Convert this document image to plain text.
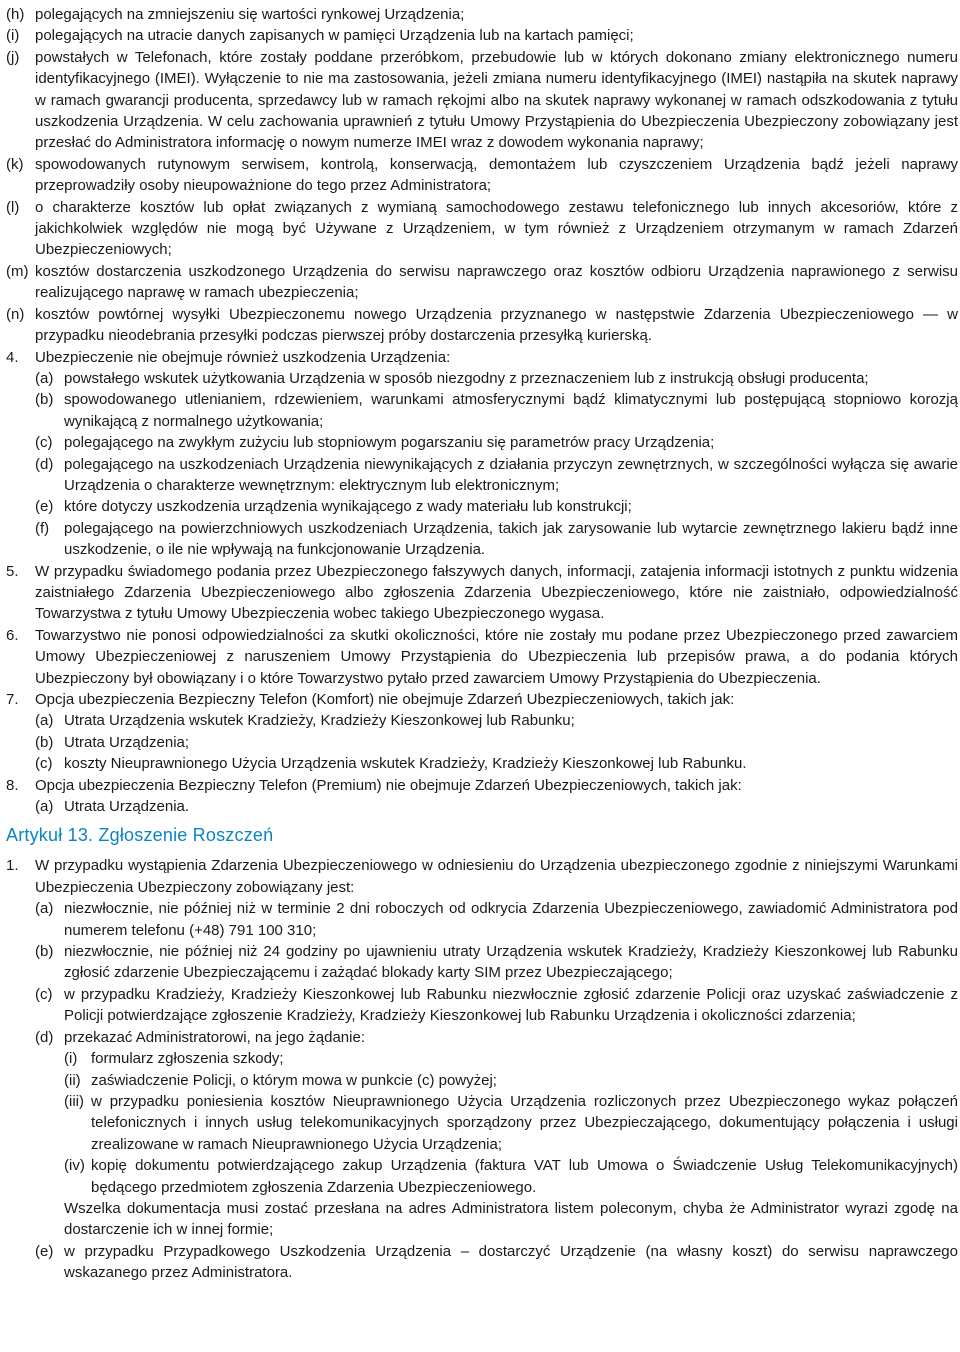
(h) polegających na zmniejszeniu się wartości rynkowej Urządzenia;
(i)	polegających na utracie danych zapisanych w pamięci Urządzenia lub na kartach pamięci;
(j)	powstałych w Telefonach, które zostały poddane przeróbkom, przebudowie lub w których dokonano zmiany elektronicznego numeru identyfikacyjnego (IMEI). Wyłączenie to nie ma zastosowania, jeżeli zmiana numeru identyfikacyjnego (IMEI) nastąpiła na skutek naprawy w ramach gwarancji producenta, sprzedawcy lub w ramach rękojmi albo na skutek naprawy wykonanej w ramach odszkodowania z tytułu uszkodzenia Urządzenia. W celu zachowania uprawnień z tytułu Umowy Przystąpienia do Ubezpieczenia Ubezpieczony zobowiązany jest przesłać do Administratora informację o nowym numerze IMEI wraz z dowodem wykonania naprawy;
(k) spowodowanych rutynowym serwisem, kontrolą, konserwacją, demontażem lub czyszczeniem Urządzenia bądź jeżeli naprawy przeprowadziły osoby nieupoważnione do tego przez Administratora;
(l)	o charakterze kosztów lub opłat związanych z wymianą samochodowego zestawu telefonicznego lub innych akcesoriów, które z jakichkolwiek względów nie mogą być Używane z Urządzeniem, w tym również z Urządzeniem otrzymanym w ramach Zdarzeń Ubezpieczeniowych;
(m) kosztów dostarczenia uszkodzonego Urządzenia do serwisu naprawczego oraz kosztów odbioru Urządzenia naprawionego z serwisu realizującego naprawę w ramach ubezpieczenia;
(n) kosztów powtórnej wysyłki Ubezpieczonemu nowego Urządzenia przyznanego w następstwie Zdarzenia Ubezpieczeniowego — w przypadku nieodebrania przesyłki podczas pierwszej próby dostarczenia przesyłką kurierską.
4.	Ubezpieczenie nie obejmuje również uszkodzenia Urządzenia:
(a) powstałego wskutek użytkowania Urządzenia w sposób niezgodny z przeznaczeniem lub z instrukcją obsługi producenta;
(b) spowodowanego utlenianiem, rdzewieniem, warunkami atmosferycznymi bądź klimatycznymi lub postępującą stopniowo korozją wynikającą z normalnego użytkowania;
(c) polegającego na zwykłym zużyciu lub stopniowym pogarszaniu się parametrów pracy Urządzenia;
(d) polegającego na uszkodzeniach Urządzenia niewynikających z działania przyczyn zewnętrznych, w szczególności wyłącza się awarie Urządzenia o charakterze wewnętrznym: elektrycznym lub elektronicznym;
(e) które dotyczy uszkodzenia urządzenia wynikającego z wady materiału lub konstrukcji;
(f) polegającego na powierzchniowych uszkodzeniach Urządzenia, takich jak zarysowanie lub wytarcie zewnętrznego lakieru bądź inne uszkodzenie, o ile nie wpływają na funkcjonowanie Urządzenia.
5.	W przypadku świadomego podania przez Ubezpieczonego fałszywych danych, informacji, zatajenia informacji istotnych z punktu widzenia zaistniałego Zdarzenia Ubezpieczeniowego albo zgłoszenia Zdarzenia Ubezpieczeniowego, które nie zaistniało, odpowiedzialność Towarzystwa z tytułu Umowy Ubezpieczenia wobec takiego Ubezpieczonego wygasa.
6.	Towarzystwo nie ponosi odpowiedzialności za skutki okoliczności, które nie zostały mu podane przez Ubezpieczonego przed zawarciem Umowy Ubezpieczeniowej z naruszeniem Umowy Przystąpienia do Ubezpieczenia lub przepisów prawa, a do podania których Ubezpieczony był obowiązany i o które Towarzystwo pytało przed zawarciem Umowy Przystąpienia do Ubezpieczenia.
7.	Opcja ubezpieczenia Bezpieczny Telefon (Komfort) nie obejmuje Zdarzeń Ubezpieczeniowych, takich jak:
(a) Utrata Urządzenia wskutek Kradzieży, Kradzieży Kieszonkowej lub Rabunku;
(b) Utrata Urządzenia;
(c) koszty Nieuprawnionego Użycia Urządzenia wskutek Kradzieży, Kradzieży Kieszonkowej lub Rabunku.
8.	Opcja ubezpieczenia Bezpieczny Telefon (Premium) nie obejmuje Zdarzeń Ubezpieczeniowych, takich jak:
(a) Utrata Urządzenia.
Artykuł 13. Zgłoszenie Roszczeń
1.	W przypadku wystąpienia Zdarzenia Ubezpieczeniowego w odniesieniu do Urządzenia ubezpieczonego zgodnie z niniejszymi Warunkami Ubezpieczenia Ubezpieczony zobowiązany jest:
(a) niezwłocznie, nie później niż w terminie 2 dni roboczych od odkrycia Zdarzenia Ubezpieczeniowego, zawiadomić Administratora pod numerem telefonu (+48) 791 100 310;
(b) niezwłocznie, nie później niż 24 godziny po ujawnieniu utraty Urządzenia wskutek Kradzieży, Kradzieży Kieszonkowej lub Rabunku zgłosić zdarzenie Ubezpieczającemu i zażądać blokady karty SIM przez Ubezpieczającego;
(c) w przypadku Kradzieży, Kradzieży Kieszonkowej lub Rabunku niezwłocznie zgłosić zdarzenie Policji oraz uzyskać zaświadczenie z Policji potwierdzające zgłoszenie Kradzieży, Kradzieży Kieszonkowej lub Rabunku Urządzenia i okoliczności zdarzenia;
(d) przekazać Administratorowi, na jego żądanie:
(i) formularz zgłoszenia szkody;
(ii) zaświadczenie Policji, o którym mowa w punkcie (c) powyżej;
(iii) w przypadku poniesienia kosztów Nieuprawnionego Użycia Urządzenia rozliczonych przez Ubezpieczonego wykaz połączeń telefonicznych i innych usług telekomunikacyjnych sporządzony przez Ubezpieczającego, dokumentujący połączenia i usługi zrealizowane w ramach Nieuprawnionego Użycia Urządzenia;
(iv) kopię dokumentu potwierdzającego zakup Urządzenia (faktura VAT lub Umowa o Świadczenie Usług Telekomunikacyjnych) będącego przedmiotem zgłoszenia Zdarzenia Ubezpieczeniowego.
Wszelka dokumentacja musi zostać przesłana na adres Administratora listem poleconym, chyba że Administrator wyrazi zgodę na dostarczenie ich w innej formie;
(e) w przypadku Przypadkowego Uszkodzenia Urządzenia – dostarczyć Urządzenie (na własny koszt) do serwisu naprawczego wskazanego przez Administratora.
